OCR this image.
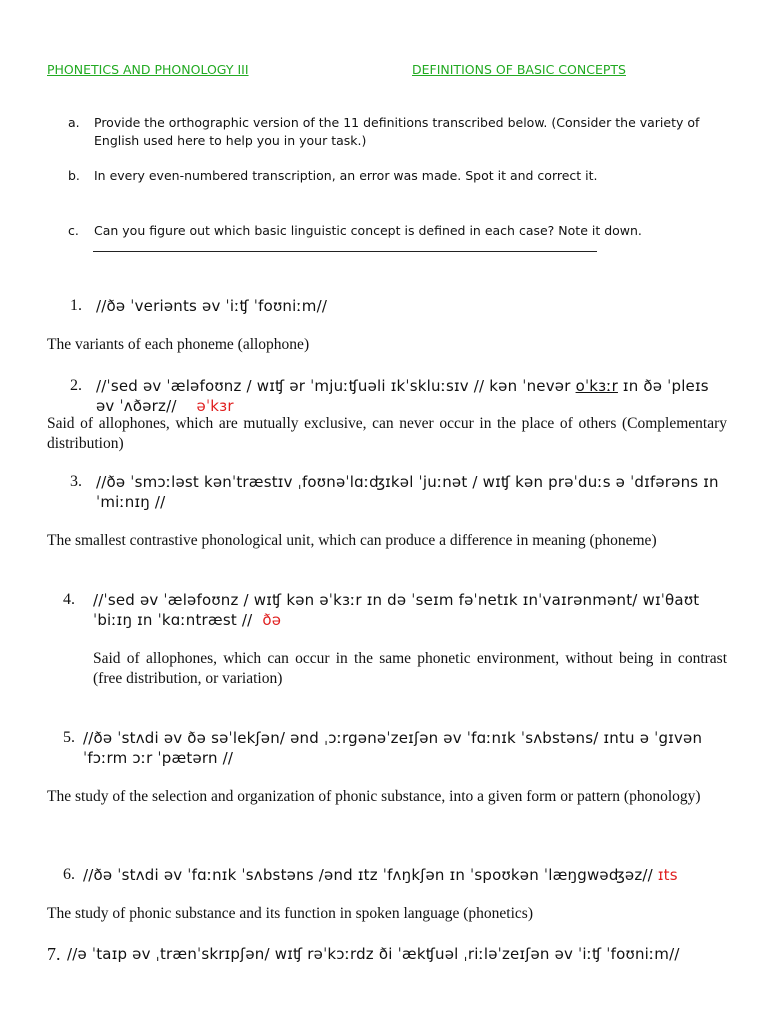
PHONETICS AND PHONOLOGY III	DEFINITIONS OF BASIC CONCEPTS
a.	Provide the orthographic version of the 11 definitions transcribed below. (Consider the variety of English used here to help you in your task.)
b.	In every even-numbered transcription, an error was made. Spot it and correct it.
c.	Can you figure out which basic linguistic concept is defined in each case? Note it down.
1. //ðə ˈveriənts əv ˈiːʧ ˈfoʊniːm//
The variants of each phoneme (allophone)
2. //ˈsed əv ˈæləfoʊnz / wɪʧ ər ˈmjuːʧuəli ɪkˈskluːsɪv // kən ˈnevər oˈkɜːr ɪn ðə ˈpleɪs əv ˈʌðərz// əˈkɜr
Said of allophones, which are mutually exclusive, can never occur in the place of others (Complementary distribution)
3. //ðə ˈsmɔːləst kənˈtræstɪv ˌfoʊnəˈlɑːʤɪkəl ˈjuːnət / wɪʧ kən prəˈduːs ə ˈdɪfərəns ɪn ˈmiːnɪŋ //
The smallest contrastive phonological unit, which can produce a difference in meaning (phoneme)
4.	//ˈsed əv ˈæləfoʊnz / wɪʧ kən əˈkɜːr ɪn də ˈseɪm fəˈnetɪk ɪnˈvaɪrənmənt/ wɪˈθaʊt ˈbiːɪŋ ɪn ˈkɑːntræst // ðə
Said of allophones, which can occur in the same phonetic environment, without being in contrast (free distribution, or variation)
5. //ðə ˈstʌdi əv ðə səˈlekʃən/ ənd ˌɔːrgənəˈzeɪʃən əv ˈfɑːnɪk ˈsʌbstəns/ ɪntu ə ˈgɪvən ˈfɔːrm ɔːr ˈpætərn //
The study of the selection and organization of phonic substance, into a given form or pattern (phonology)
6. //ðə ˈstʌdi əv ˈfɑːnɪk ˈsʌbstəns /ənd ɪtz ˈfʌŋkʃən ɪn ˈspoʊkən ˈlæŋgwəʤəz// ɪts
The study of phonic substance and its function in spoken language (phonetics)
7. //ə ˈtaɪp əv ˌtrænˈskrɪpʃən/ wɪʧ rəˈkɔːrdz ði ˈækʧuəl ˌriːləˈzeɪʃən əv ˈiːʧ ˈfoʊniːm//
